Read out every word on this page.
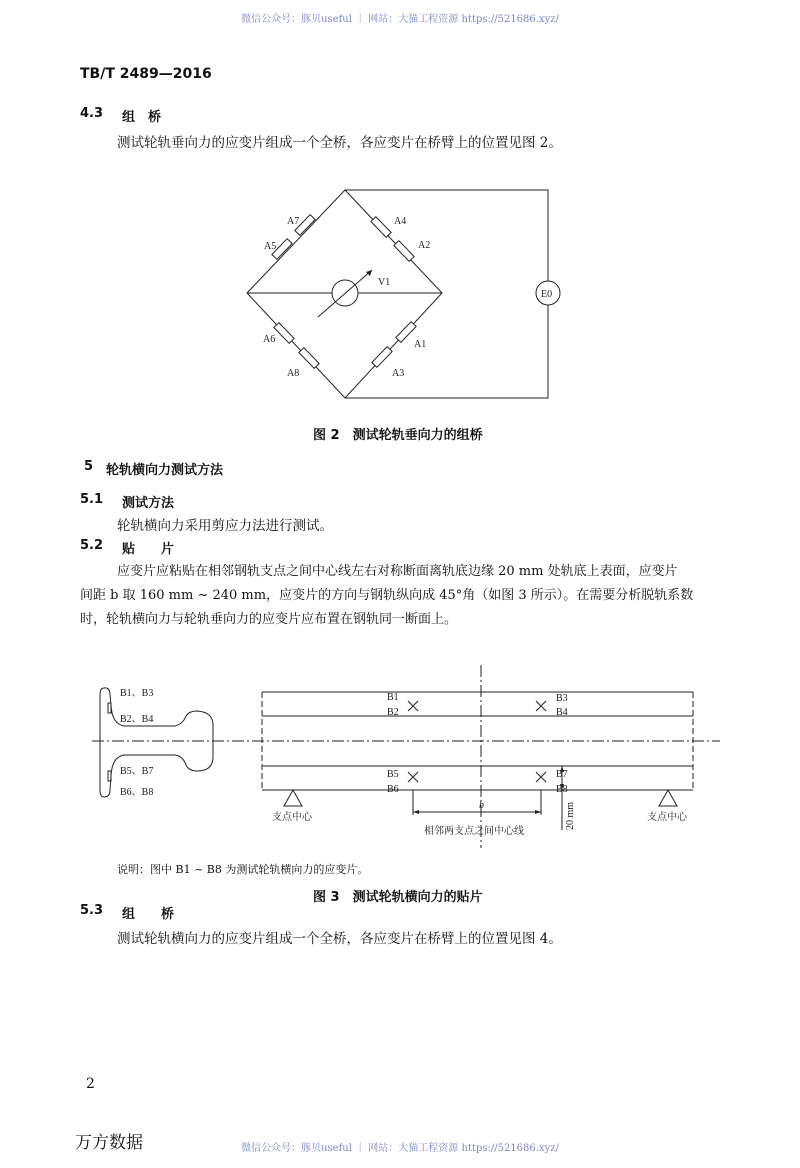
微信公众号：豚贝useful ｜ 网站：大猫工程资源 https://521686.xyz/
TB/T 2489—2016
4.3 组　桥
测试轮轨垂向力的应变片组成一个全桥，各应变片在桥臂上的位置见图 2。
A7
A5
A4
A2
V1
E0
A6
A8
A1
A3
B1、B3
B2、B4
B5、B7
B6、B8
B1
B2
B3
B4
B5
B6
B7
B8
支点中心	支点中心
b
相邻两支点之间中心线
20 mm
图 2　测试轮轨垂向力的组桥
5 轮轨横向力测试方法
5.1 测试方法
轮轨横向力采用剪应力法进行测试。
5.2 贴　　片
应变片应粘贴在相邻钢轨支点之间中心线左右对称断面离轨底边缘 20 mm 处轨底上表面，应变片
间距 b 取 160 mm ~ 240 mm，应变片的方向与钢轨纵向成 45°角（如图 3 所示）。在需要分析脱轨系数
时，轮轨横向力与轮轨垂向力的应变片应布置在钢轨同一断面上。
说明：图中 B1 ~ B8 为测试轮轨横向力的应变片。
图 3　测试轮轨横向力的贴片
5.3 组　　桥
测试轮轨横向力的应变片组成一个全桥，各应变片在桥臂上的位置见图 4。
2
万方数据	微信公众号：豚贝useful ｜ 网站：大猫工程资源 https://521686.xyz/
